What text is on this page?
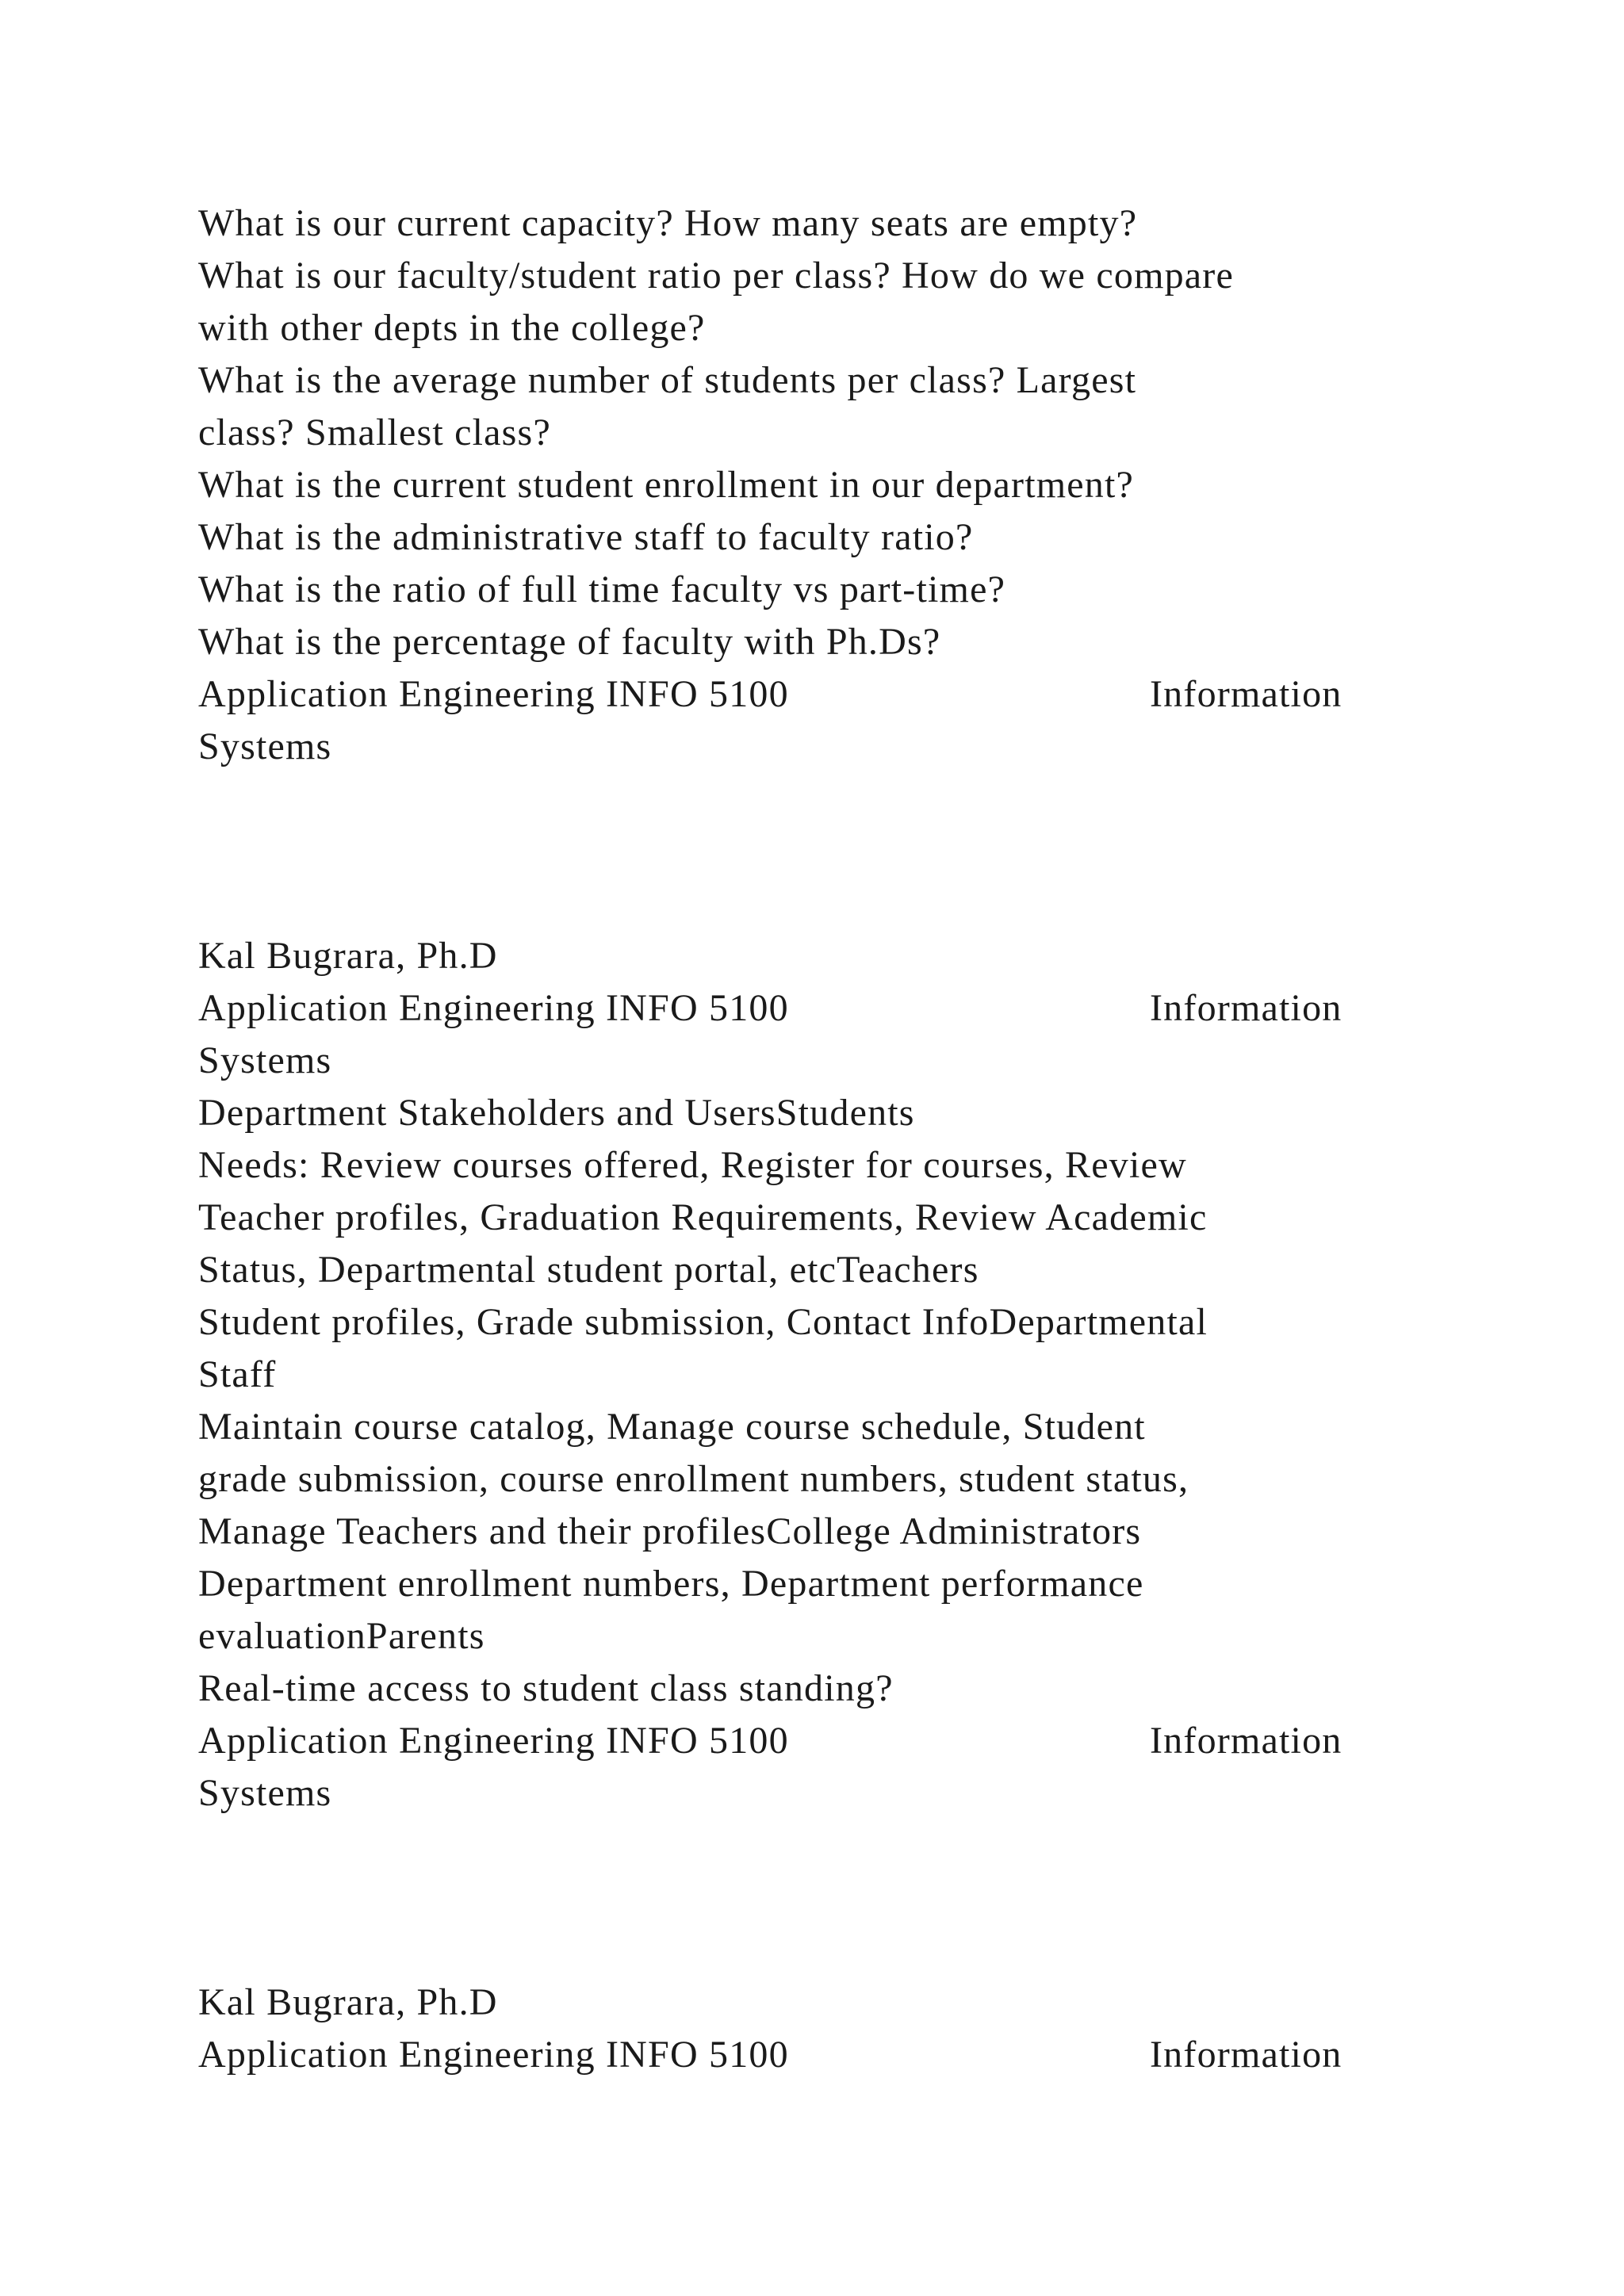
What is our current capacity? How many seats are empty?
What is our faculty/student ratio per class? How do we compare
with other depts in the college?
What is the average number of students per class? Largest
class? Smallest class?
What is the current student enrollment in our department?
What is the administrative staff to faculty ratio?
What is the ratio of full time faculty vs part-time?
What is the percentage of faculty with Ph.Ds?
Application Engineering INFO 5100	Information
Systems
Kal Bugrara, Ph.D
Application Engineering INFO 5100	Information
Systems
Department Stakeholders and UsersStudents
Needs: Review courses offered, Register for courses, Review
Teacher profiles, Graduation Requirements, Review Academic
Status, Departmental student portal, etcTeachers
Student profiles, Grade submission, Contact InfoDepartmental
Staff
Maintain course catalog, Manage course schedule, Student
grade submission, course enrollment numbers, student status,
Manage Teachers and their profilesCollege Administrators
Department enrollment numbers, Department performance
evaluationParents
Real-time access to student class standing?
Application Engineering INFO 5100	Information
Systems
Kal Bugrara, Ph.D
Application Engineering INFO 5100	Information
